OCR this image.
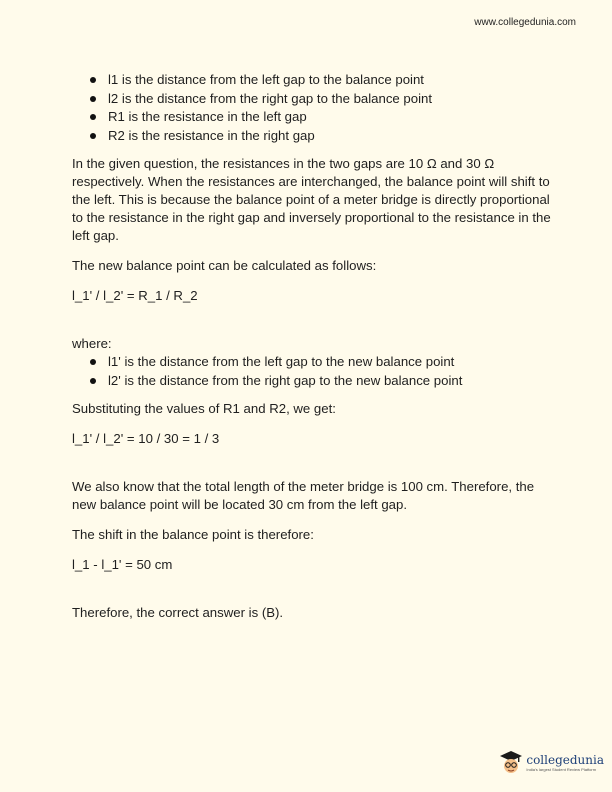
www.collegedunia.com
l1 is the distance from the left gap to the balance point
l2 is the distance from the right gap to the balance point
R1 is the resistance in the left gap
R2 is the resistance in the right gap

In the given question, the resistances in the two gaps are 10 Ω and 30 Ω respectively. When the resistances are interchanged, the balance point will shift to the left. This is because the balance point of a meter bridge is directly proportional to the resistance in the right gap and inversely proportional to the resistance in the left gap.

The new balance point can be calculated as follows:

l_1' / l_2' = R_1 / R_2

where:

l1' is the distance from the left gap to the new balance point
l2' is the distance from the right gap to the new balance point

Substituting the values of R1 and R2, we get:

l_1' / l_2' = 10 / 30 = 1 / 3

We also know that the total length of the meter bridge is 100 cm. Therefore, the new balance point will be located 30 cm from the left gap.

The shift in the balance point is therefore:

l_1 - l_1' = 50 cm

Therefore, the correct answer is (B).

collegedunia
India's largest Student Review Platform
